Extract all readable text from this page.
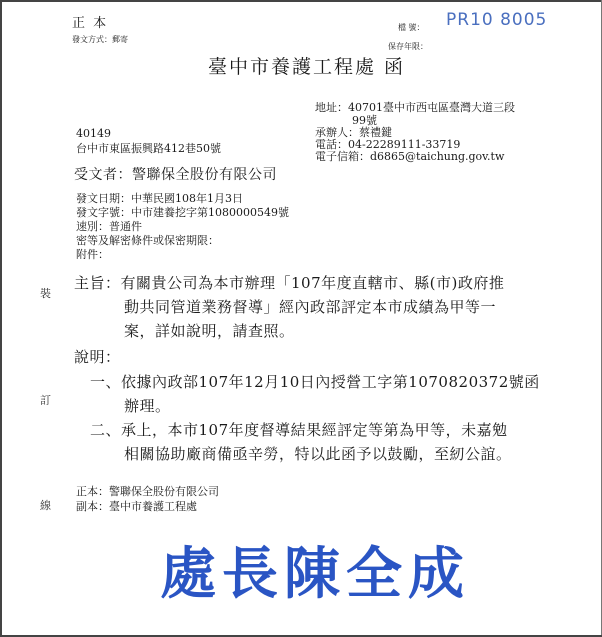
正 本
發文方式：郵寄
檔 號： PR10 8005
保存年限：
臺中市養護工程處 函
地址：40701臺中市西屯區臺灣大道三段
99號
承辦人：蔡禮鍵
電話：04-22289111-33719
電子信箱：d6865@taichung.gov.tw
40149
台中市東區振興路412巷50號
受文者：警聯保全股份有限公司
發文日期：中華民國108年1月3日
發文字號：中市建養挖字第1080000549號
速別：普通件
密等及解密條件或保密期限：
附件：
主旨：有關貴公司為本市辦理「107年度直轄市、縣(市)政府推
動共同管道業務督導」經內政部評定本市成績為甲等一
案，詳如說明，請查照。
說明：
一、依據內政部107年12月10日內授營工字第1070820372號函
辦理。
二、承上，本市107年度督導結果經評定等第為甲等，未嘉勉
相關協助廠商備亟辛勞，特以此函予以鼓勵，至紉公誼。
正本：警聯保全股份有限公司
副本：臺中市養護工程處
裝
訂
線
處長陳全成
